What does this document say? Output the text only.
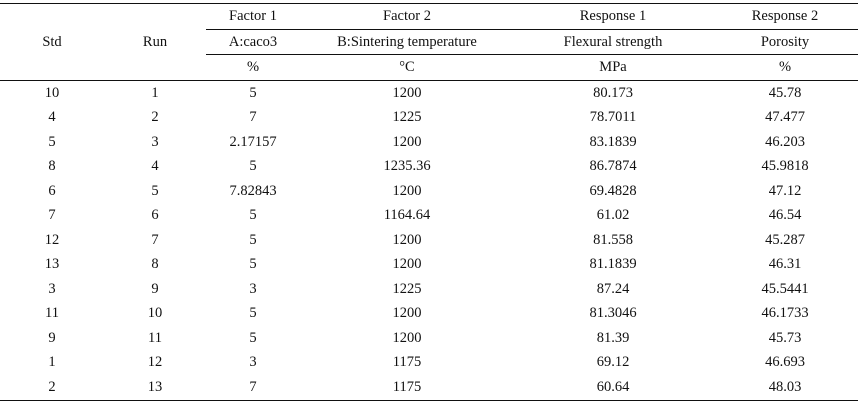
Std	Run	Factor 1	Factor 2	Response 1	Response 2
		A:caco3	B:Sintering temperature	Flexural strength	Porosity
		%	°C	MPa	%
10	1	5	1200	80.173	45.78
4	2	7	1225	78.7011	47.477
5	3	2.17157	1200	83.1839	46.203
8	4	5	1235.36	86.7874	45.9818
6	5	7.82843	1200	69.4828	47.12
7	6	5	1164.64	61.02	46.54
12	7	5	1200	81.558	45.287
13	8	5	1200	81.1839	46.31
3	9	3	1225	87.24	45.5441
11	10	5	1200	81.3046	46.1733
9	11	5	1200	81.39	45.73
1	12	3	1175	69.12	46.693
2	13	7	1175	60.64	48.03
